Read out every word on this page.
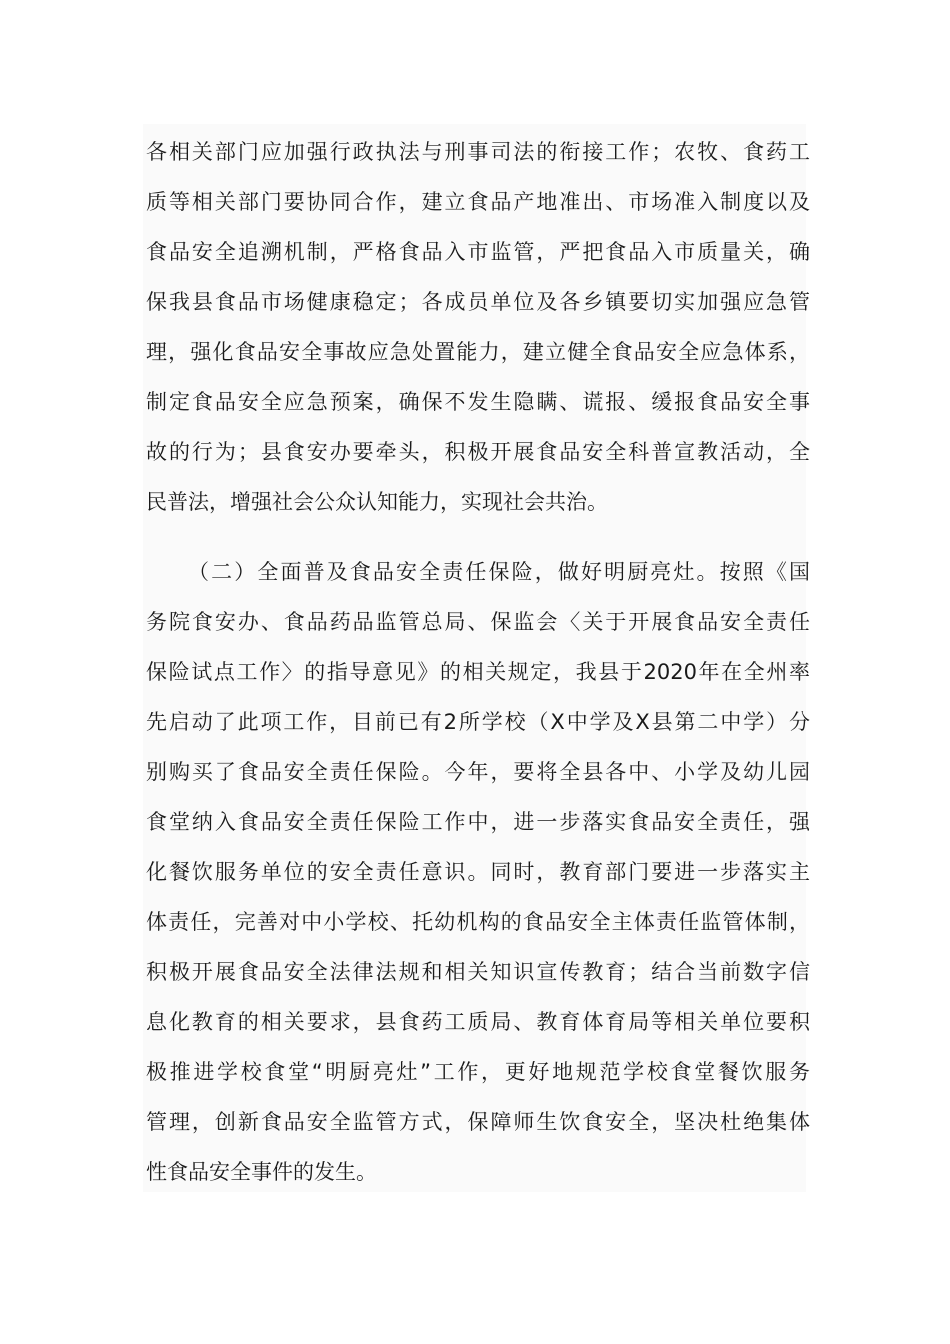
各相关部门应加强行政执法与刑事司法的衔接工作；农牧、食药工
质等相关部门要协同合作，建立食品产地准出、市场准入制度以及
食品安全追溯机制，严格食品入市监管，严把食品入市质量关，确
保我县食品市场健康稳定；各成员单位及各乡镇要切实加强应急管
理，强化食品安全事故应急处置能力，建立健全食品安全应急体系，
制定食品安全应急预案，确保不发生隐瞒、谎报、缓报食品安全事
故的行为；县食安办要牵头，积极开展食品安全科普宣教活动，全
民普法，增强社会公众认知能力，实现社会共治。
（二）全面普及食品安全责任保险，做好明厨亮灶。按照《国
务院食安办、食品药品监管总局、保监会〈关于开展食品安全责任
保险试点工作〉的指导意见》的相关规定，我县于2020年在全州率
先启动了此项工作，目前已有2所学校（X中学及X县第二中学）分
别购买了食品安全责任保险。今年，要将全县各中、小学及幼儿园
食堂纳入食品安全责任保险工作中，进一步落实食品安全责任，强
化餐饮服务单位的安全责任意识。同时，教育部门要进一步落实主
体责任，完善对中小学校、托幼机构的食品安全主体责任监管体制，
积极开展食品安全法律法规和相关知识宣传教育；结合当前数字信
息化教育的相关要求，县食药工质局、教育体育局等相关单位要积
极推进学校食堂“明厨亮灶”工作，更好地规范学校食堂餐饮服务
管理，创新食品安全监管方式，保障师生饮食安全，坚决杜绝集体
性食品安全事件的发生。
